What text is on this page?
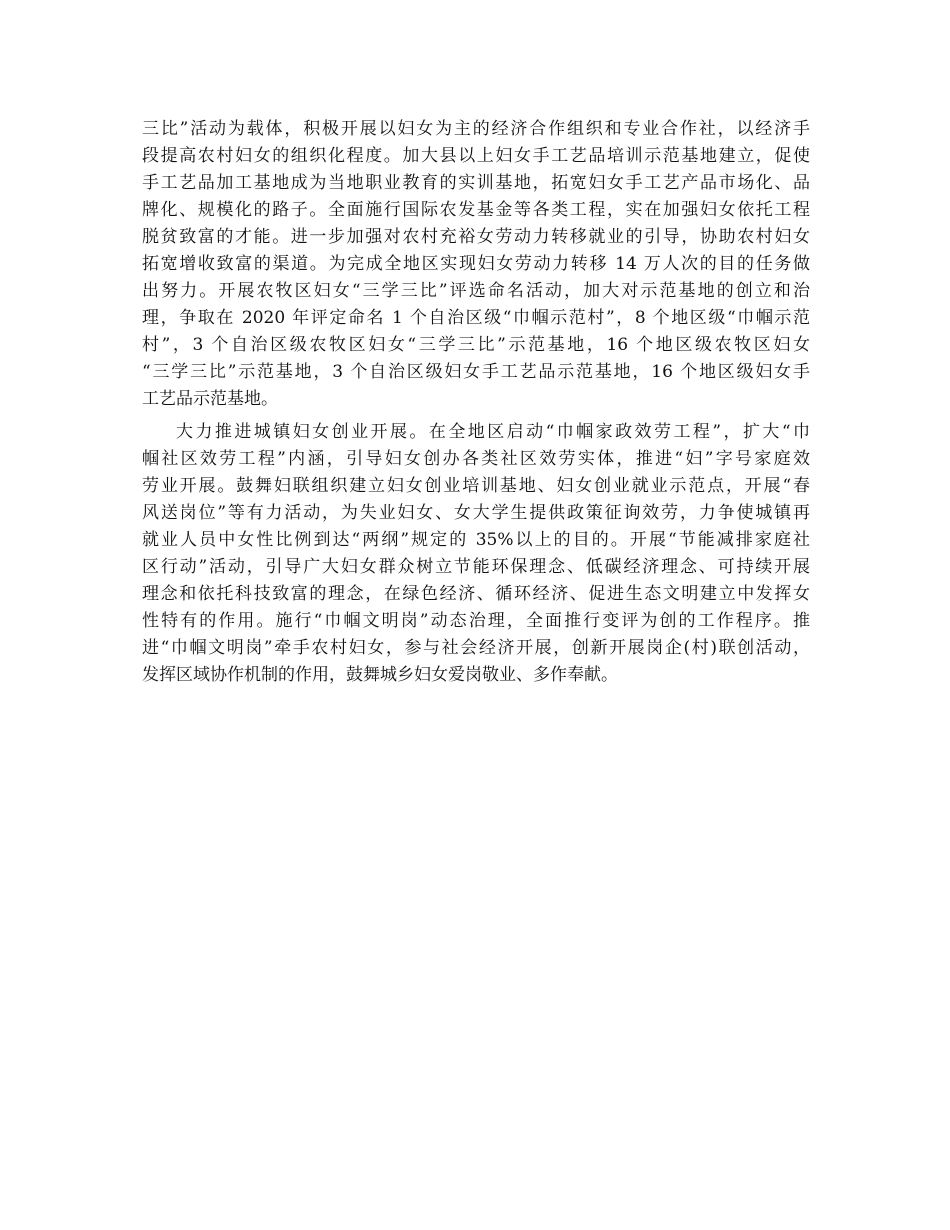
三比”活动为载体，积极开展以妇女为主的经济合作组织和专业合作社，以经济手
段提高农村妇女的组织化程度。加大县以上妇女手工艺品培训示范基地建立，促使
手工艺品加工基地成为当地职业教育的实训基地，拓宽妇女手工艺产品市场化、品
牌化、规模化的路子。全面施行国际农发基金等各类工程，实在加强妇女依托工程
脱贫致富的才能。进一步加强对农村充裕女劳动力转移就业的引导，协助农村妇女
拓宽增收致富的渠道。为完成全地区实现妇女劳动力转移 14 万人次的目的任务做
出努力。开展农牧区妇女“三学三比”评选命名活动，加大对示范基地的创立和治
理，争取在 2020 年评定命名 1 个自治区级“巾帼示范村”，8 个地区级“巾帼示范
村”，3 个自治区级农牧区妇女“三学三比”示范基地，16 个地区级农牧区妇女
“三学三比”示范基地，3 个自治区级妇女手工艺品示范基地，16 个地区级妇女手
工艺品示范基地。
大力推进城镇妇女创业开展。在全地区启动“巾帼家政效劳工程”，扩大“巾
帼社区效劳工程”内涵，引导妇女创办各类社区效劳实体，推进“妇”字号家庭效
劳业开展。鼓舞妇联组织建立妇女创业培训基地、妇女创业就业示范点，开展“春
风送岗位”等有力活动，为失业妇女、女大学生提供政策征询效劳，力争使城镇再
就业人员中女性比例到达“两纲”规定的 35%以上的目的。开展“节能减排家庭社
区行动”活动，引导广大妇女群众树立节能环保理念、低碳经济理念、可持续开展
理念和依托科技致富的理念，在绿色经济、循环经济、促进生态文明建立中发挥女
性特有的作用。施行“巾帼文明岗”动态治理，全面推行变评为创的工作程序。推
进“巾帼文明岗”牵手农村妇女，参与社会经济开展，创新开展岗企(村)联创活动，
发挥区域协作机制的作用，鼓舞城乡妇女爱岗敬业、多作奉献。
